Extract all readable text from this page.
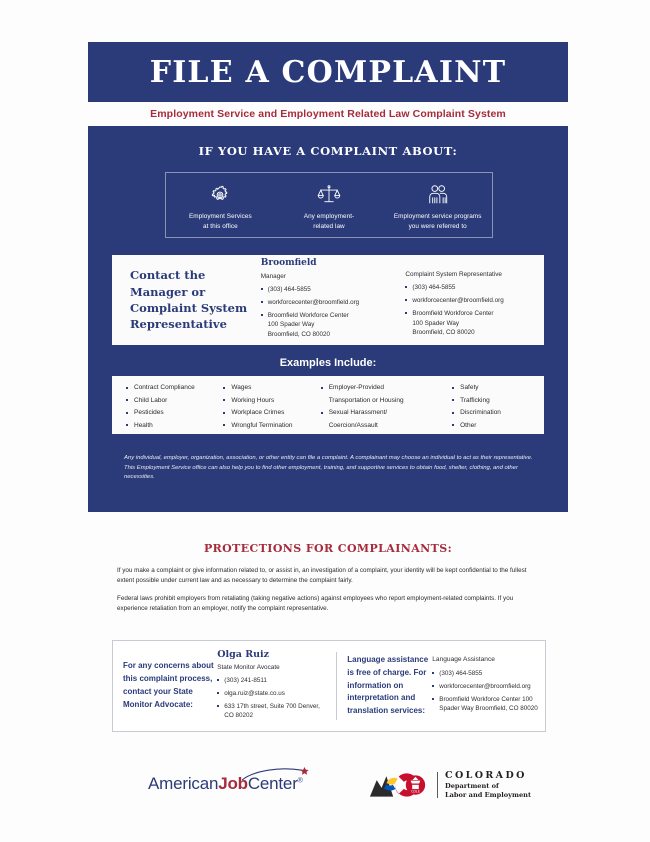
FILE A COMPLAINT
Employment Service and Employment Related Law Complaint System
IF YOU HAVE A COMPLAINT ABOUT:
Employment Services
at this office
Any employment-
related law
Employment service programs
you were referred to
Contact the Manager or Complaint System Representative
Broomfield
Manager
(303) 464-5855
workforcecenter@broomfield.org
Broomfield Workforce Center
100 Spader Way
Broomfield, CO 80020
Complaint System Representative
(303) 464-5855
workforcecenter@broomfield.org
Broomfield Workforce Center
100 Spader Way
Broomfield, CO 80020
Examples Include:
Contract Compliance
Child Labor
Pesticides
Health
Wages
Working Hours
Workplace Crimes
Wrongful Termination
Employer-Provided
Transportation or Housing
Sexual Harassment/
Coercion/Assault
Safety
Trafficking
Discrimination
Other
Any individual, employer, organization, association, or other entity can file a complaint. A complainant may choose an individual to act as their representative. This Employment Service office can also help you to find other employment, training, and supportive services to obtain food, shelter, clothing, and other necessities.
PROTECTIONS FOR COMPLAINANTS:
If you make a complaint or give information related to, or assist in, an investigation of a complaint, your identity will be kept confidential to the fullest extent possible under current law and as necessary to determine the complaint fairly.
Federal laws prohibit employers from retaliating (taking negative actions) against employees who report employment-related complaints. If you experience retaliation from an employer, notify the complaint representative.
For any concerns about this complaint process, contact your State Monitor Advocate:
Olga Ruiz
State Monitor Avocate
(303) 241-8511
olga.ruiz@state.co.us
633 17th street, Suite 700 Denver, CO 80202
Language assistance is free of charge. For information on interpretation and translation services:
Language Assistance
(303) 464-5855
workforcecenter@broomfield.org
Broomfield Workforce Center 100 Spader Way Broomfield, CO 80020
AmericanJobCenter®
CDLE
COLORADO
Department of
Labor and Employment
